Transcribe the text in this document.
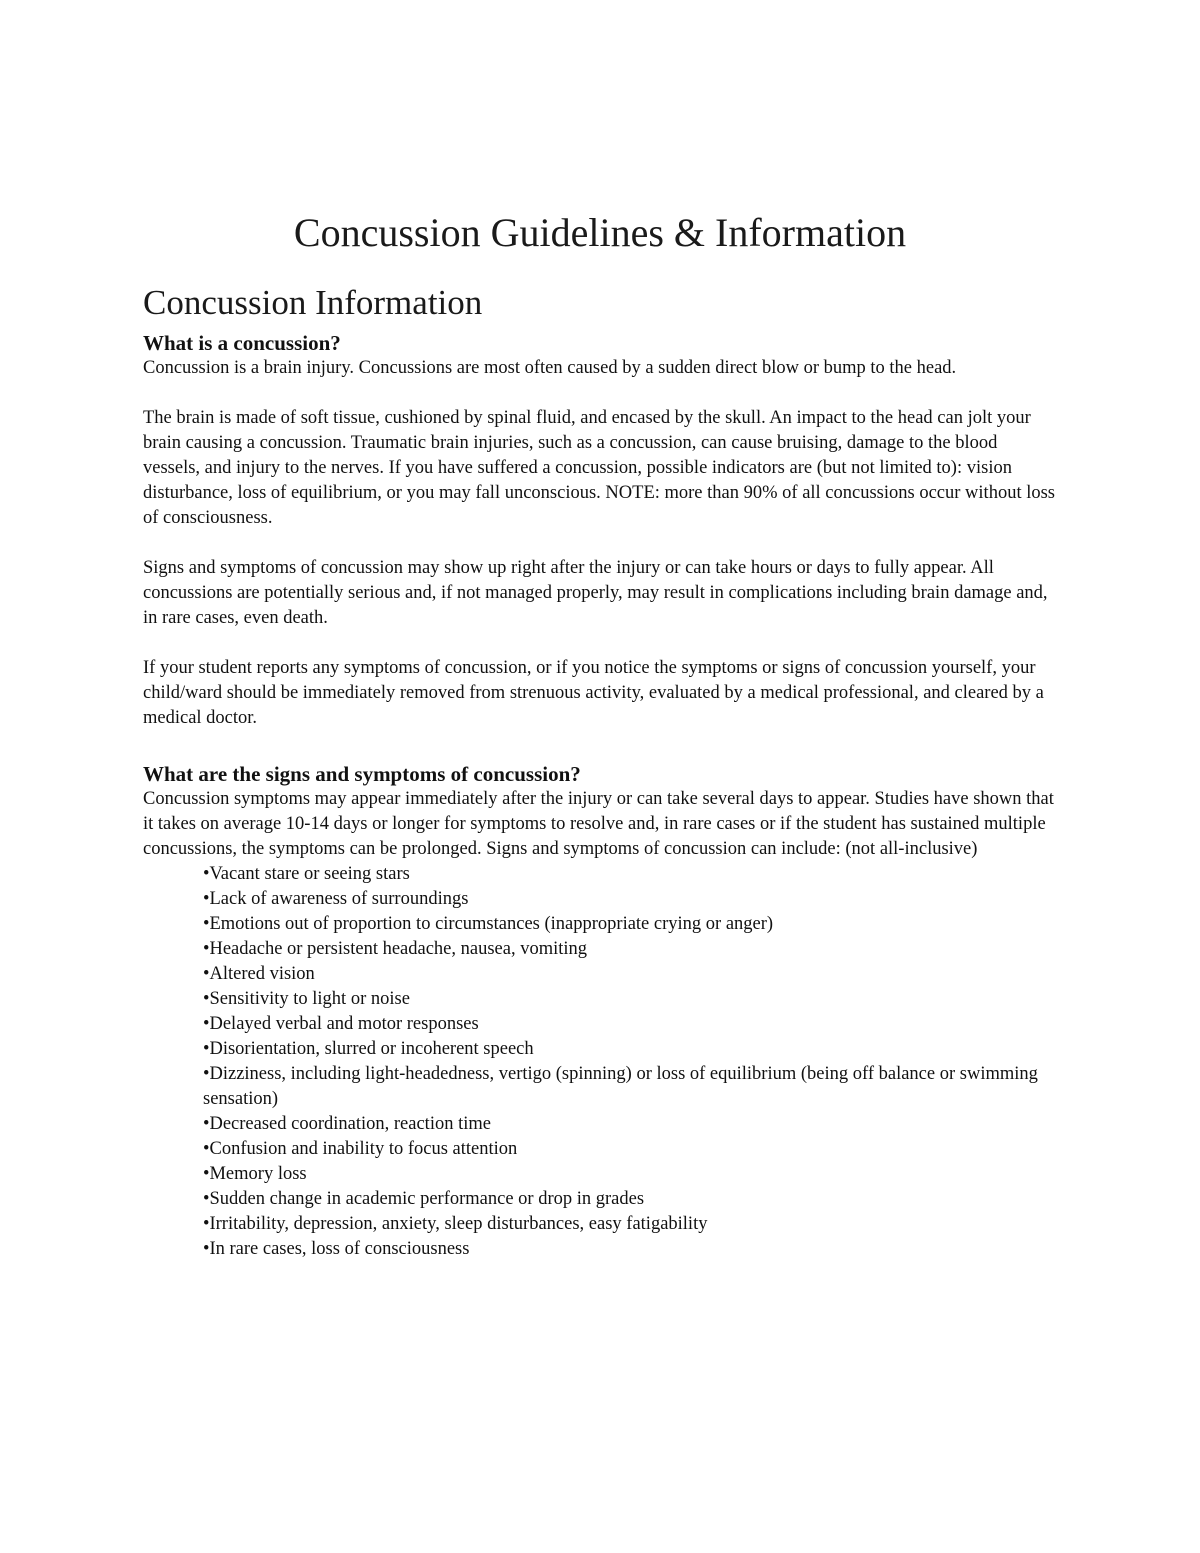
Concussion Guidelines & Information
Concussion Information
What is a concussion?

Concussion is a brain injury. Concussions are most often caused by a sudden direct blow or bump to the head.

The brain is made of soft tissue, cushioned by spinal fluid, and encased by the skull. An impact to the head can jolt your brain causing a concussion. Traumatic brain injuries, such as a concussion, can cause bruising, damage to the blood vessels, and injury to the nerves. If you have suffered a concussion, possible indicators are (but not limited to): vision disturbance, loss of equilibrium, or you may fall unconscious. NOTE: more than 90% of all concussions occur without loss of consciousness.

Signs and symptoms of concussion may show up right after the injury or can take hours or days to fully appear. All concussions are potentially serious and, if not managed properly, may result in complications including brain damage and, in rare cases, even death.

If your student reports any symptoms of concussion, or if you notice the symptoms or signs of concussion yourself, your child/ward should be immediately removed from strenuous activity, evaluated by a medical professional, and cleared by a medical doctor.

What are the signs and symptoms of concussion?

Concussion symptoms may appear immediately after the injury or can take several days to appear. Studies have shown that it takes on average 10-14 days or longer for symptoms to resolve and, in rare cases or if the student has sustained multiple concussions, the symptoms can be prolonged. Signs and symptoms of concussion can include: (not all-inclusive)

• Vacant stare or seeing stars
• Lack of awareness of surroundings
• Emotions out of proportion to circumstances (inappropriate crying or anger)
• Headache or persistent headache, nausea, vomiting
• Altered vision
• Sensitivity to light or noise
• Delayed verbal and motor responses
• Disorientation, slurred or incoherent speech
• Dizziness, including light-headedness, vertigo (spinning) or loss of equilibrium (being off balance or swimming sensation)
• Decreased coordination, reaction time
• Confusion and inability to focus attention
• Memory loss
• Sudden change in academic performance or drop in grades
• Irritability, depression, anxiety, sleep disturbances, easy fatigability
• In rare cases, loss of consciousness
